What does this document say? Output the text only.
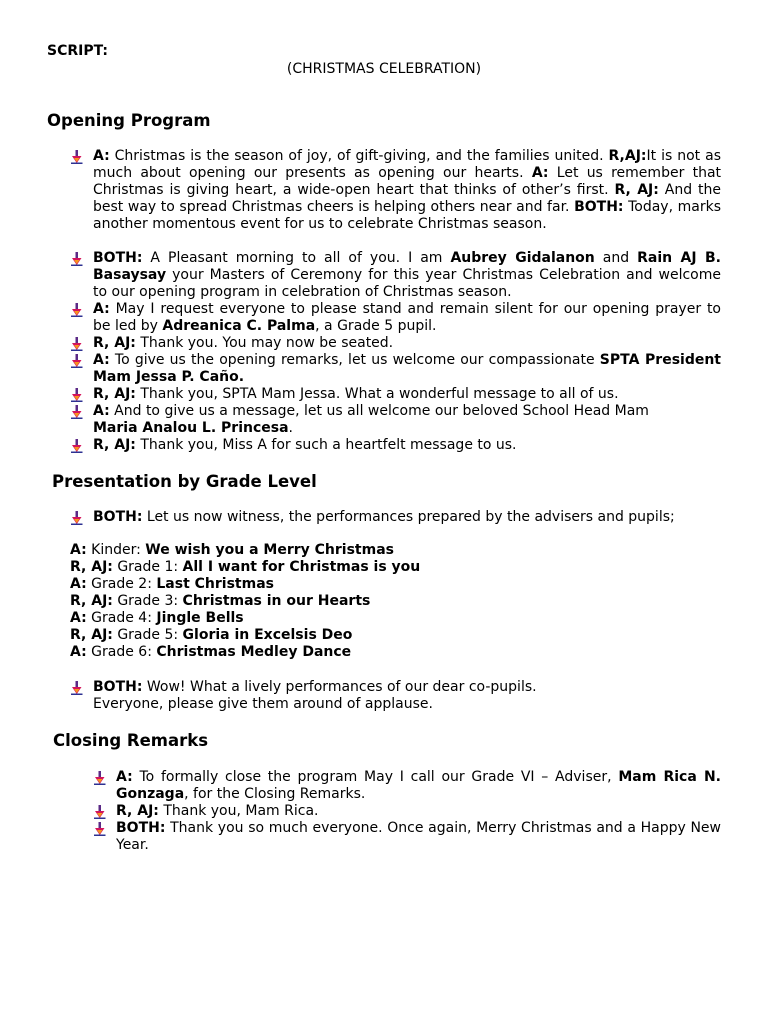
SCRIPT:
(CHRISTMAS CELEBRATION)
Opening Program
Presentation by Grade Level
Closing Remarks
A: Christmas is the season of joy, of gift-giving, and the families united. R,AJ:It is not as much about opening our presents as opening our hearts. A: Let us remember that Christmas is giving heart, a wide-open heart that thinks of other’s first. R, AJ: And the best way to spread Christmas cheers is helping others near and far. BOTH: Today, marks another momentous event for us to celebrate Christmas season.
BOTH: A Pleasant morning to all of you. I am Aubrey Gidalanon and Rain AJ B. Basaysay your Masters of Ceremony for this year Christmas Celebration and welcome to our opening program in celebration of Christmas season.
A: May I request everyone to please stand and remain silent for our opening prayer to be led by Adreanica C. Palma, a Grade 5 pupil.
R, AJ: Thank you. You may now be seated.
A: To give us the opening remarks, let us welcome our compassionate SPTA President Mam Jessa P. Caño.
R, AJ: Thank you, SPTA Mam Jessa. What a wonderful message to all of us.
A: And to give us a message, let us all welcome our beloved School Head Mam
Maria Analou L. Princesa.
R, AJ: Thank you, Miss A for such a heartfelt message to us.
BOTH: Let us now witness, the performances prepared by the advisers and pupils;
A: Kinder: We wish you a Merry Christmas
R, AJ: Grade 1: All I want for Christmas is you
A: Grade 2: Last Christmas
R, AJ: Grade 3: Christmas in our Hearts
A: Grade 4: Jingle Bells
R, AJ: Grade 5: Gloria in Excelsis Deo
A: Grade 6: Christmas Medley Dance
BOTH: Wow! What a lively performances of our dear co-pupils.
Everyone, please give them around of applause.
A: To formally close the program May I call our Grade VI – Adviser, Mam Rica N. Gonzaga, for the Closing Remarks.
R, AJ: Thank you, Mam Rica.
BOTH: Thank you so much everyone. Once again, Merry Christmas and a Happy New Year.
